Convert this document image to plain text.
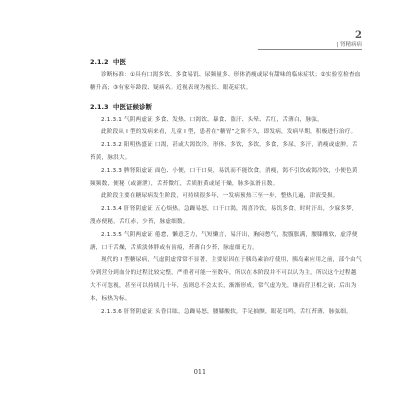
2
| 肾精病病
2.1.2 中医

诊断标准：①具有口渴多饮、多食易饥、尿频量多、形体消瘦或尿有甜味的临床症状；②实验室检查血糖升高；③有家年龄段、疑病名。近视表现为视长、眼花症状。

2.1.3 中医证候诊断

2.1.3.1 气阴两虚证 多食、发热、口渴饮、暴食、盗汗、头晕、舌红，舌薄白，脉弦。

此阶段从 I 型的发病来看，儿童 I 型，患者在“糖胃”之阶不久，即发病，发病早期，积极进行治疗。

2.1.3.2 阳明热盛证 口渴，甚或大渴饮冷，形体、多饮，多饮，多食，多尿，多汗，消瘦或虚肿，舌苔黄，脉洪大。

2.1.3.3 脾肾阳虚证 面色、小便，口干口臭，易饥而不能饮食，消瘦，渴不引饮或渴冷饮，小便色黄频频数，便秘（或溏泄），舌苔微红，舌质脏黄或尾干燥，脉多弦滑且数。

此阶段主要在糖尿病发生阶段，可持续很多年，一发病预热三至一步，整热几遍，津液受损。

2.1.3.4 肝肾阴虚证 五心烦热，急躁易怒，口干口渴，渴喜冷饮，易饥多食，时时汗出，少寐多梦，溲赤便秘，舌红赤，少苔，脉虚细数。

2.1.3.5 气阴两虚证 倦怠，懒意乏力，气短懒言，易汗出，胸闷憋气，脘腹胀满，腰膝酸软，虚浮便溏，口干舌燥，舌质淡体胖或有齿痕，苔薄白少苔，脉虚细无力。

现代的 I 型糖尿病，气虚阴虚常常不显著，主要原因在于胰岛素治疗使用，胰岛素应用之前，部个由气分到营分到血分的过程比较完整，严重者可能一至数年，所以在本阶段并不可以认为主，所以这个过程越大不可忽视，甚至可以持续几十年，虽则总不会太长，渐渐形成，常气虚为先，继而营卫相之衰；后出为本，标热为标。

2.1.3.6 肝肾阴虚证 头昏目眩，急躁易怒，腰膝酸软，手足抽颤，眼花耳鸣，舌红苔薄，脉弦细。

011
